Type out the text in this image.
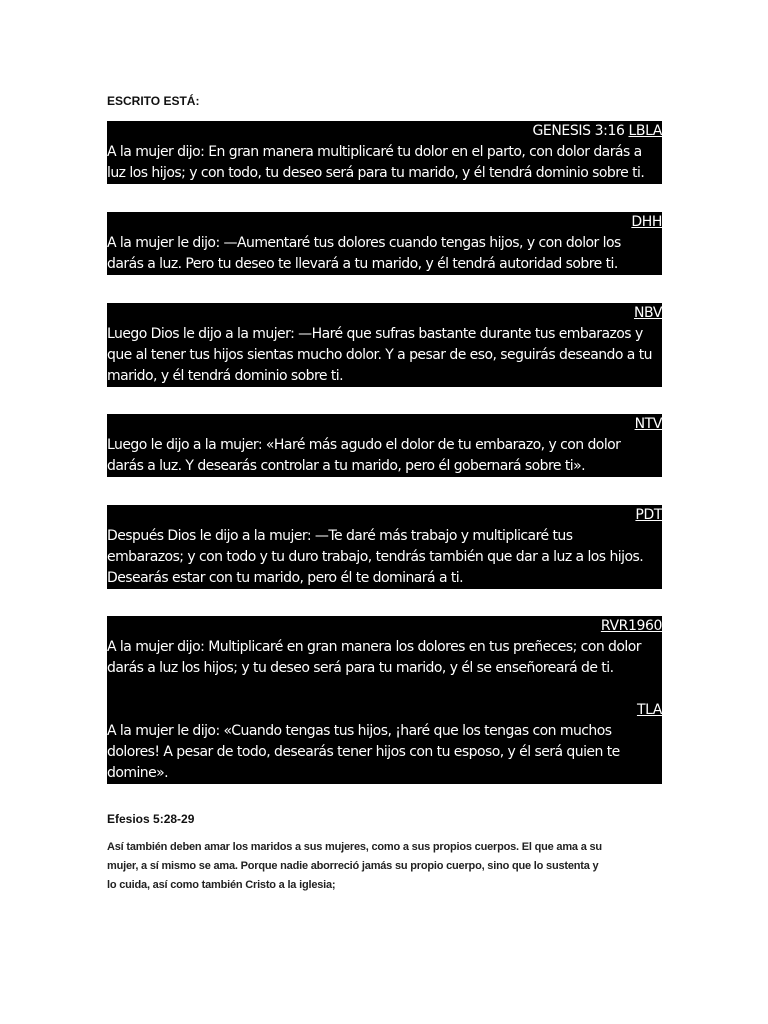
ESCRITO ESTÁ:
GENESIS 3:16 LBLA
A la mujer dijo: En gran manera multiplicaré tu dolor en el parto, con dolor darás a
luz los hijos; y con todo, tu deseo será para tu marido, y él tendrá dominio sobre ti.
DHH
A la mujer le dijo: —Aumentaré tus dolores cuando tengas hijos, y con dolor los
darás a luz. Pero tu deseo te llevará a tu marido, y él tendrá autoridad sobre ti.
NBV
Luego Dios le dijo a la mujer: —Haré que sufras bastante durante tus embarazos y
que al tener tus hijos sientas mucho dolor. Y a pesar de eso, seguirás deseando a tu
marido, y él tendrá dominio sobre ti.
NTV
Luego le dijo a la mujer: «Haré más agudo el dolor de tu embarazo, y con dolor
darás a luz. Y desearás controlar a tu marido, pero él gobernará sobre ti».
PDT
Después Dios le dijo a la mujer: —Te daré más trabajo y multiplicaré tus
embarazos; y con todo y tu duro trabajo, tendrás también que dar a luz a los hijos.
Desearás estar con tu marido, pero él te dominará a ti.
RVR1960
A la mujer dijo: Multiplicaré en gran manera los dolores en tus preñeces; con dolor
darás a luz los hijos; y tu deseo será para tu marido, y él se enseñoreará de ti.
TLA
A la mujer le dijo: «Cuando tengas tus hijos, ¡haré que los tengas con muchos
dolores! A pesar de todo, desearás tener hijos con tu esposo, y él será quien te
domine».
Efesios 5:28-29
Así también deben amar los maridos a sus mujeres, como a sus propios cuerpos. El que ama a su
mujer, a sí mismo se ama. Porque nadie aborreció jamás su propio cuerpo, sino que lo sustenta y
lo cuida, así como también Cristo a la iglesia;
